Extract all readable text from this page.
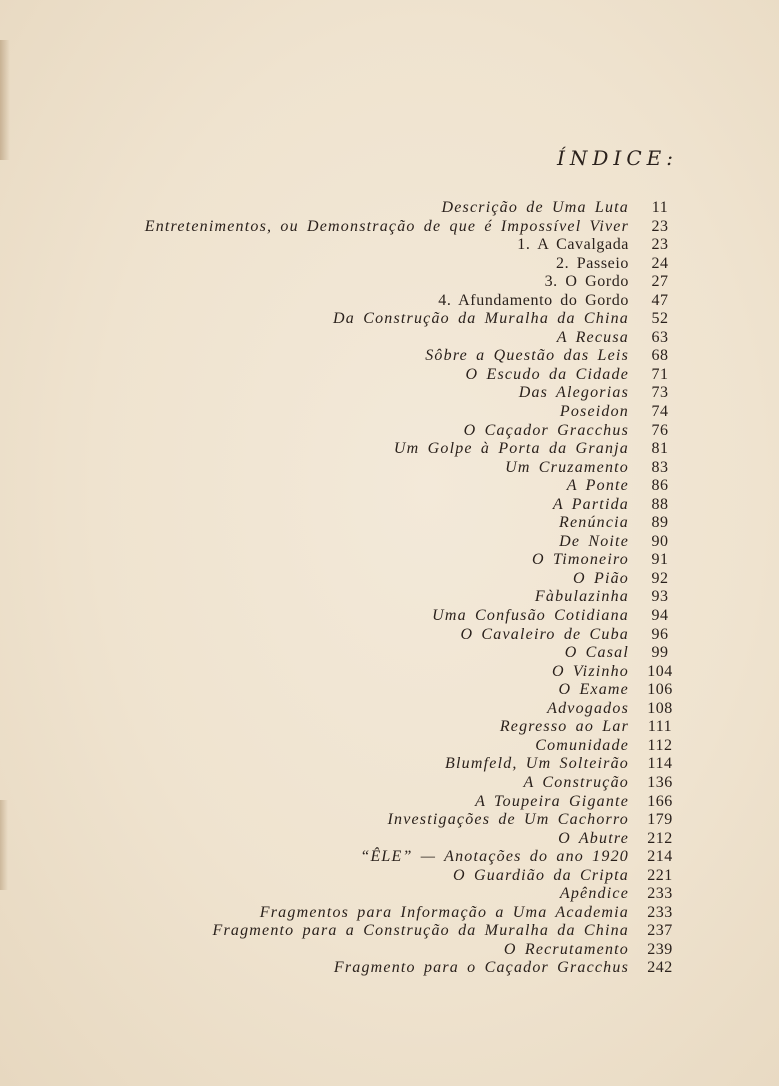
ÍNDICE:
Descrição de Uma Luta	11
Entretenimentos, ou Demonstração de que é Impossível Viver	23
1. A Cavalgada	23
2. Passeio	24
3. O Gordo	27
4. Afundamento do Gordo	47
Da Construção da Muralha da China	52
A Recusa	63
Sôbre a Questão das Leis	68
O Escudo da Cidade	71
Das Alegorias	73
Poseidon	74
O Caçador Gracchus	76
Um Golpe à Porta da Granja	81
Um Cruzamento	83
A Ponte	86
A Partida	88
Renúncia	89
De Noite	90
O Timoneiro	91
O Pião	92
Fàbulazinha	93
Uma Confusão Cotidiana	94
O Cavaleiro de Cuba	96
O Casal	99
O Vizinho	104
O Exame	106
Advogados	108
Regresso ao Lar	111
Comunidade	112
Blumfeld, Um Solteirão	114
A Construção	136
A Toupeira Gigante	166
Investigações de Um Cachorro	179
O Abutre	212
“ÊLE” — Anotações do ano 1920	214
O Guardião da Cripta	221
Apêndice	233
Fragmentos para Informação a Uma Academia	233
Fragmento para a Construção da Muralha da China	237
O Recrutamento	239
Fragmento para o Caçador Gracchus	242
